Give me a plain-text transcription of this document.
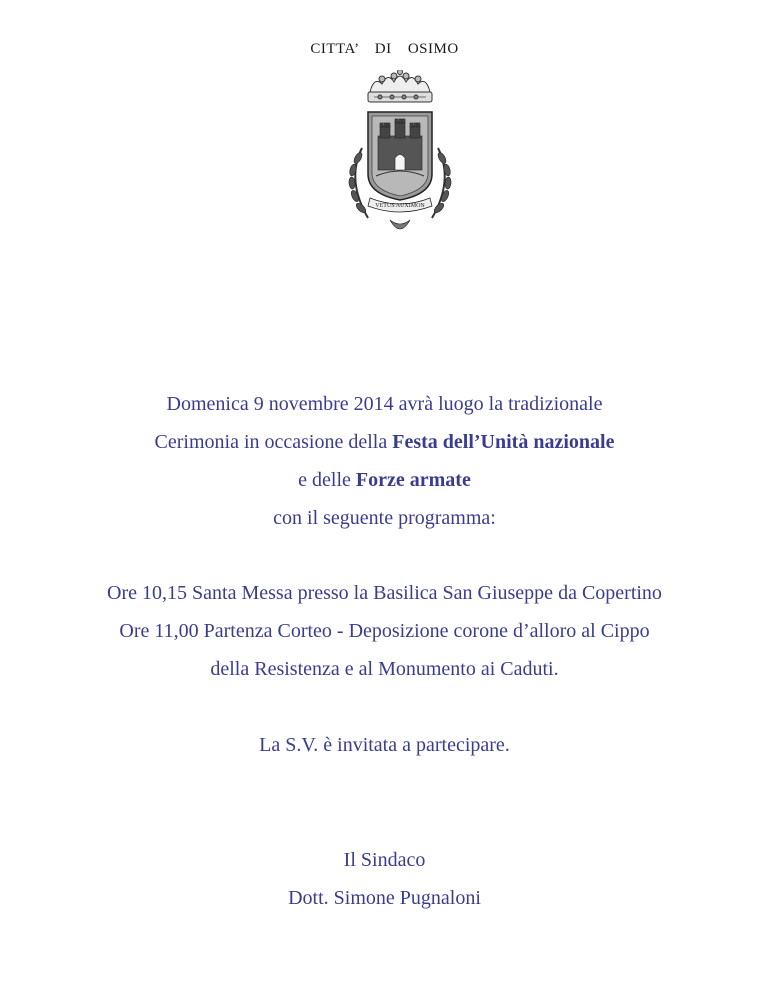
CITTA’ DI OSIMO
VETUS AUXIMON

Domenica 9 novembre 2014 avrà luogo la tradizionale

Cerimonia in occasione della Festa dell’Unità nazionale

e delle Forze armate

con il seguente programma:

Ore 10,15 Santa Messa presso la Basilica San Giuseppe da Copertino

Ore 11,00 Partenza Corteo - Deposizione corone d’alloro al Cippo

della Resistenza e al Monumento ai Caduti.

La S.V. è invitata a partecipare.

Il Sindaco

Dott. Simone Pugnaloni
